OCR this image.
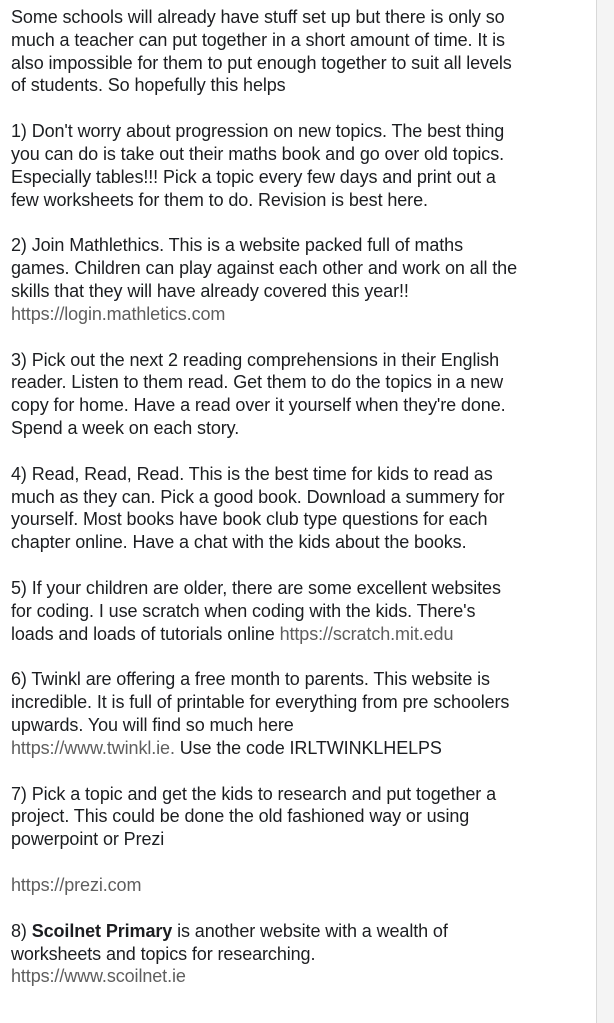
Some schools will already have stuff set up but there is only so
much a teacher can put together in a short amount of time. It is
also impossible for them to put enough together to suit all levels
of students. So hopefully this helps

1) Don't worry about progression on new topics. The best thing
you can do is take out their maths book and go over old topics.
Especially tables!!! Pick a topic every few days and print out a
few worksheets for them to do. Revision is best here.

2) Join Mathlethics. This is a website packed full of maths
games. Children can play against each other and work on all the
skills that they will have already covered this year!!
https://login.mathletics.com

3) Pick out the next 2 reading comprehensions in their English
reader. Listen to them read. Get them to do the topics in a new
copy for home. Have a read over it yourself when they're done.
Spend a week on each story.

4) Read, Read, Read. This is the best time for kids to read as
much as they can. Pick a good book. Download a summery for
yourself. Most books have book club type questions for each
chapter online. Have a chat with the kids about the books.

5) If your children are older, there are some excellent websites
for coding. I use scratch when coding with the kids. There's
loads and loads of tutorials online https://scratch.mit.edu

6) Twinkl are offering a free month to parents. This website is
incredible. It is full of printable for everything from pre schoolers
upwards. You will find so much here
https://www.twinkl.ie. Use the code IRLTWINKLHELPS

7) Pick a topic and get the kids to research and put together a
project. This could be done the old fashioned way or using
powerpoint or Prezi

https://prezi.com

8) Scoilnet Primary is another website with a wealth of
worksheets and topics for researching.
https://www.scoilnet.ie
